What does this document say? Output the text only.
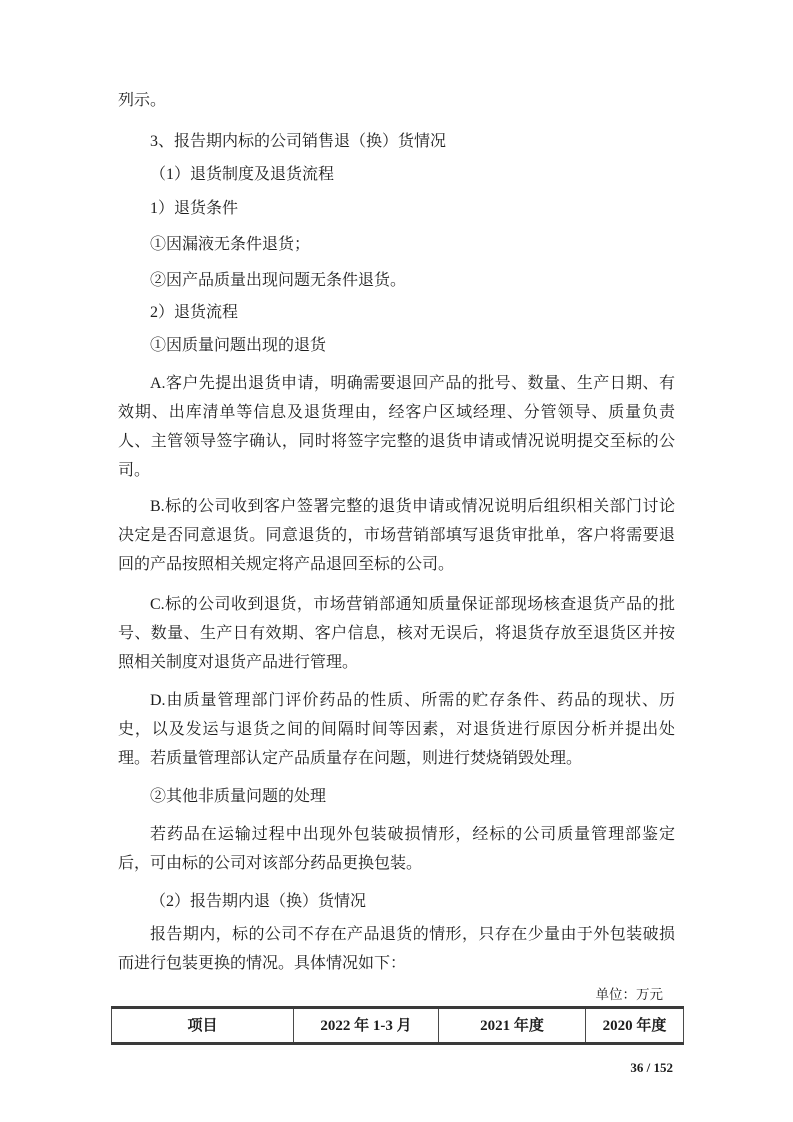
列示。

3、报告期内标的公司销售退（换）货情况

（1）退货制度及退货流程

1）退货条件

①因漏液无条件退货；

②因产品质量出现问题无条件退货。

2）退货流程

①因质量问题出现的退货

A.客户先提出退货申请，明确需要退回产品的批号、数量、生产日期、有效期、出库清单等信息及退货理由，经客户区域经理、分管领导、质量负责人、主管领导签字确认，同时将签字完整的退货申请或情况说明提交至标的公司。

B.标的公司收到客户签署完整的退货申请或情况说明后组织相关部门讨论决定是否同意退货。同意退货的，市场营销部填写退货审批单，客户将需要退回的产品按照相关规定将产品退回至标的公司。

C.标的公司收到退货，市场营销部通知质量保证部现场核查退货产品的批号、数量、生产日有效期、客户信息，核对无误后，将退货存放至退货区并按照相关制度对退货产品进行管理。

D.由质量管理部门评价药品的性质、所需的贮存条件、药品的现状、历史，以及发运与退货之间的间隔时间等因素，对退货进行原因分析并提出处理。若质量管理部认定产品质量存在问题，则进行焚烧销毁处理。

②其他非质量问题的处理

若药品在运输过程中出现外包装破损情形，经标的公司质量管理部鉴定后，可由标的公司对该部分药品更换包装。

（2）报告期内退（换）货情况

报告期内，标的公司不存在产品退货的情形，只存在少量由于外包装破损而进行包装更换的情况。具体情况如下：

单位：万元
项目	2022 年 1-3 月	2021 年度	2020 年度
36 / 152
